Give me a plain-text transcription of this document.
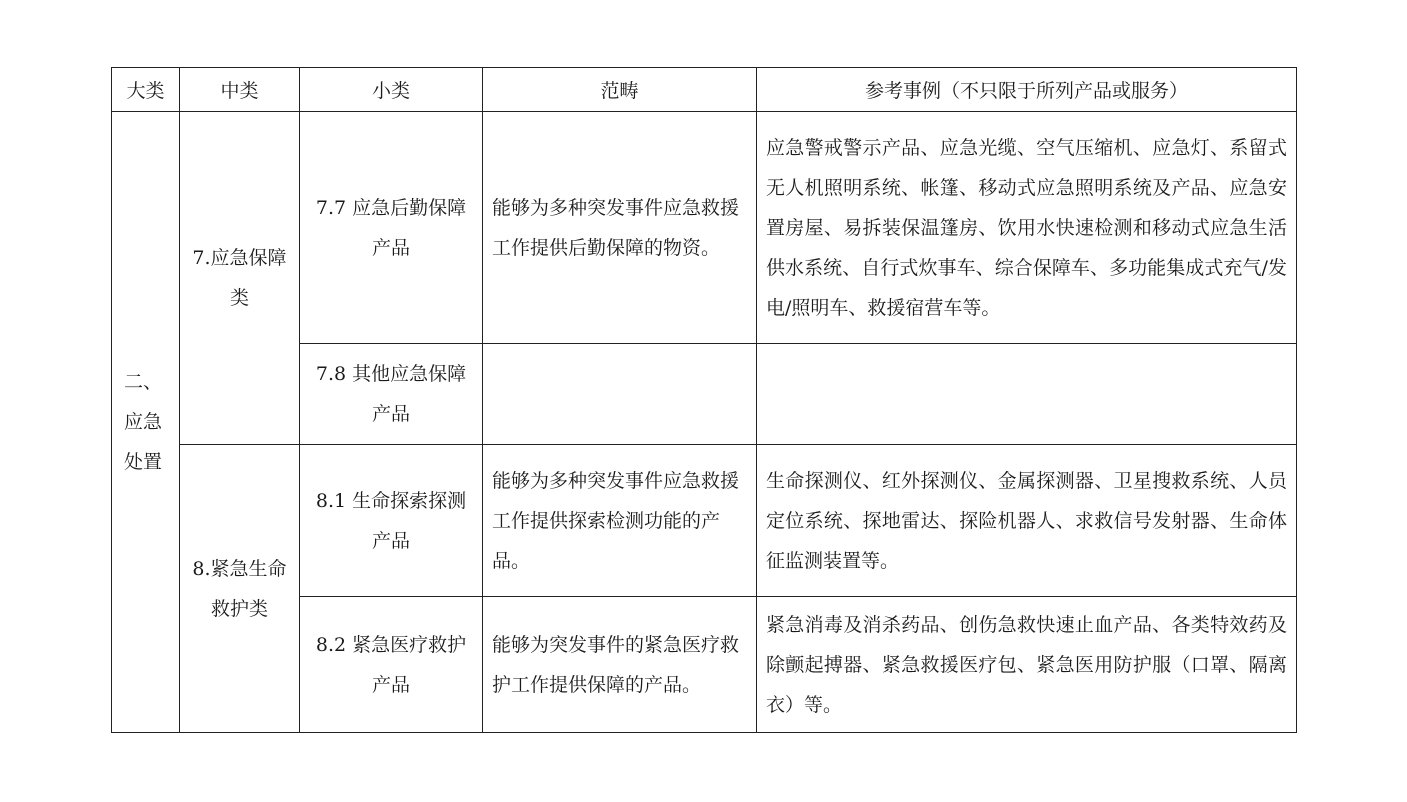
大类	中类	小类	范畴	参考事例（不只限于所列产品或服务）

二、
应急
处置	7.应急保障类	7.7 应急后勤保障产品	能够为多种突发事件应急救援工作提供后勤保障的物资。	应急警戒警示产品、应急光缆、空气压缩机、应急灯、系留式无人机照明系统、帐篷、移动式应急照明系统及产品、应急安置房屋、易拆装保温篷房、饮用水快速检测和移动式应急生活供水系统、自行式炊事车、综合保障车、多功能集成式充气/发电/照明车、救援宿营车等。
		7.8 其他应急保障产品		
	8.紧急生命救护类	8.1 生命探索探测产品	能够为多种突发事件应急救援工作提供探索检测功能的产品。	生命探测仪、红外探测仪、金属探测器、卫星搜救系统、人员定位系统、探地雷达、探险机器人、求救信号发射器、生命体征监测装置等。
		8.2 紧急医疗救护产品	能够为突发事件的紧急医疗救护工作提供保障的产品。	紧急消毒及消杀药品、创伤急救快速止血产品、各类特效药及除颤起搏器、紧急救援医疗包、紧急医用防护服（口罩、隔离衣）等。
